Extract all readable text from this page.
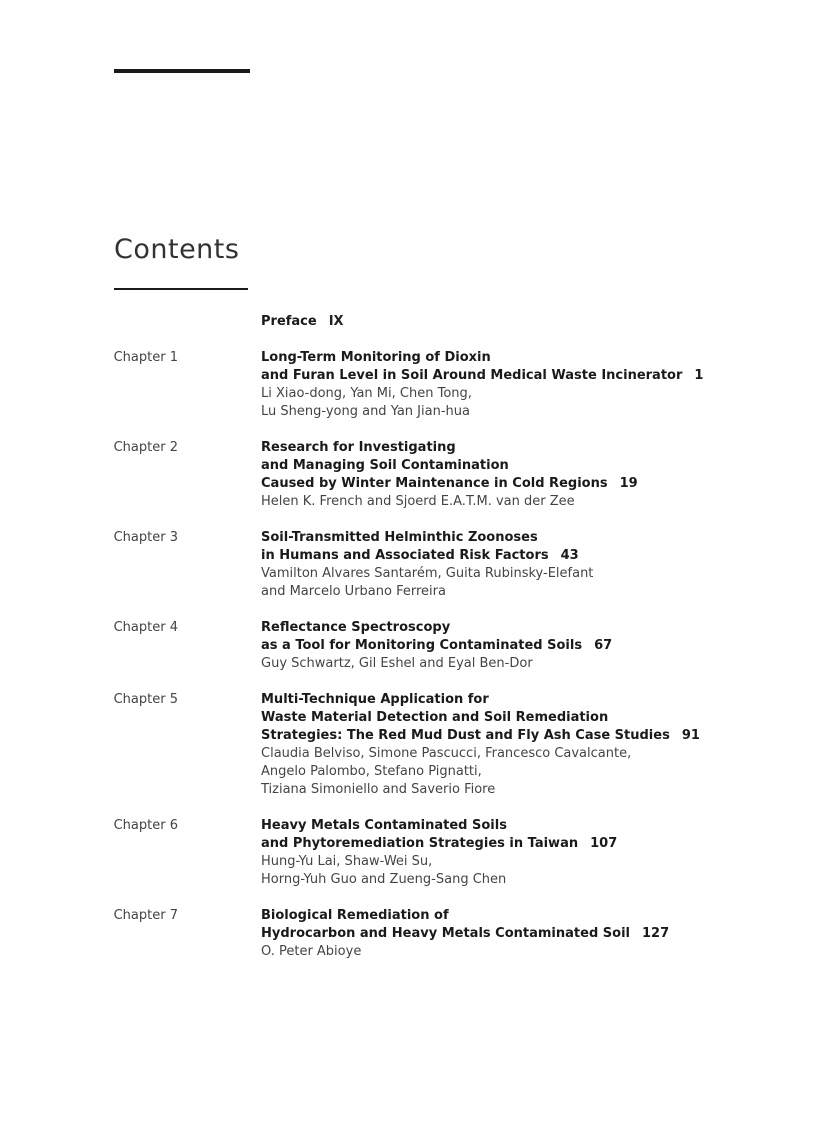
Contents
Preface IX
Chapter 1	Long-Term Monitoring of Dioxin
and Furan Level in Soil Around Medical Waste Incinerator 1
Li Xiao-dong, Yan Mi, Chen Tong,
Lu Sheng-yong and Yan Jian-hua
Chapter 2	Research for Investigating
and Managing Soil Contamination
Caused by Winter Maintenance in Cold Regions 19
Helen K. French and Sjoerd E.A.T.M. van der Zee
Chapter 3	Soil-Transmitted Helminthic Zoonoses
in Humans and Associated Risk Factors 43
Vamilton Alvares Santarém, Guita Rubinsky-Elefant
and Marcelo Urbano Ferreira
Chapter 4	Reflectance Spectroscopy
as a Tool for Monitoring Contaminated Soils 67
Guy Schwartz, Gil Eshel and Eyal Ben-Dor
Chapter 5	Multi-Technique Application for
Waste Material Detection and Soil Remediation
Strategies: The Red Mud Dust and Fly Ash Case Studies 91
Claudia Belviso, Simone Pascucci, Francesco Cavalcante,
Angelo Palombo, Stefano Pignatti,
Tiziana Simoniello and Saverio Fiore
Chapter 6	Heavy Metals Contaminated Soils
and Phytoremediation Strategies in Taiwan 107
Hung-Yu Lai, Shaw-Wei Su,
Horng-Yuh Guo and Zueng-Sang Chen
Chapter 7	Biological Remediation of
Hydrocarbon and Heavy Metals Contaminated Soil 127
O. Peter Abioye
